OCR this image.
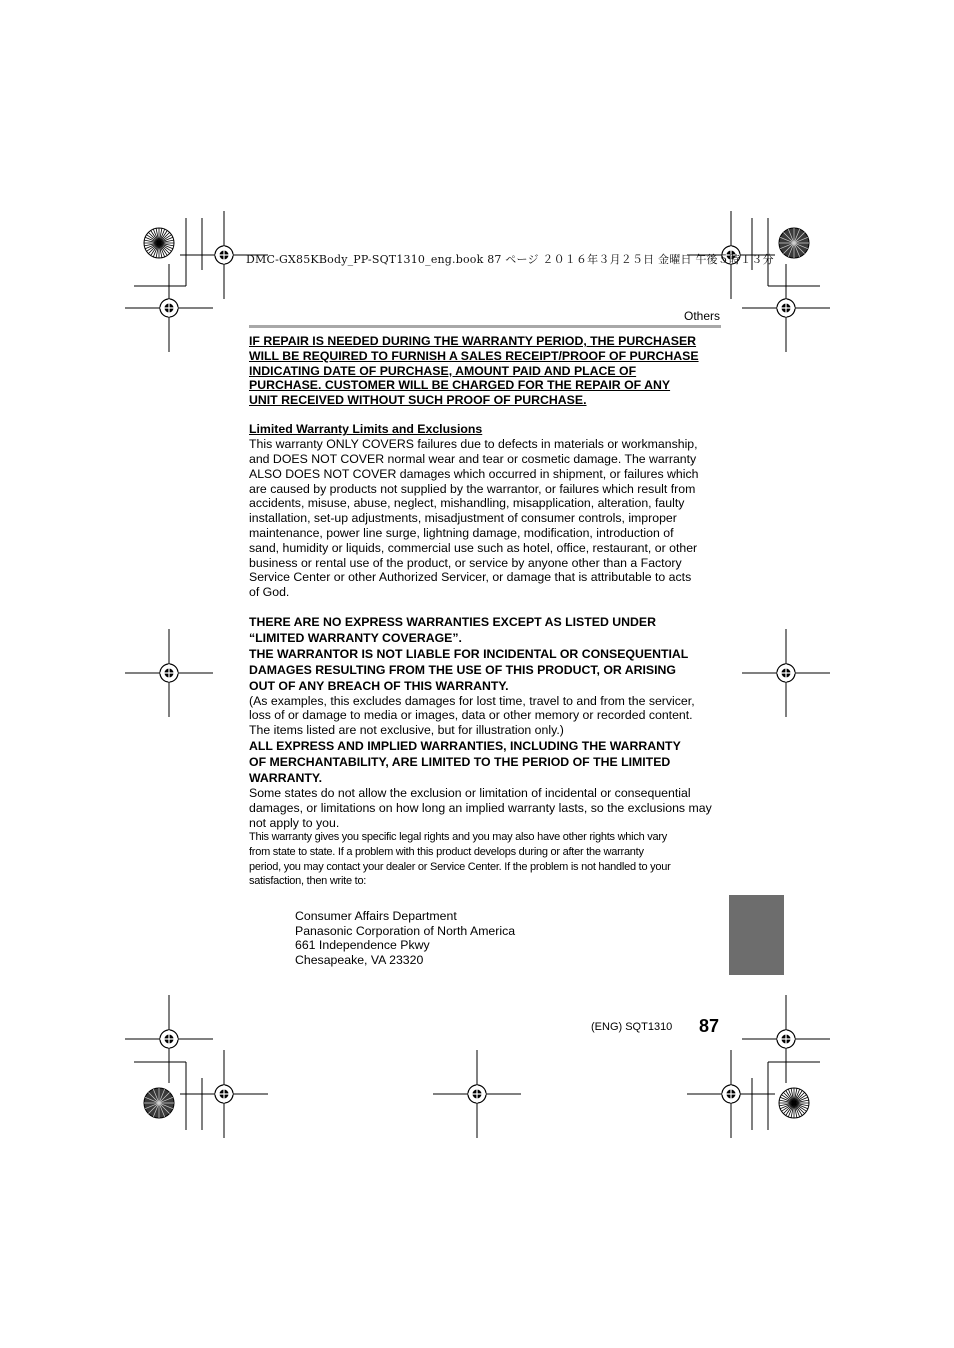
DMC-GX85KBody_PP-SQT1310_eng.book 87 ページ ２０１６年３月２５日 金曜日 午後５時１３分
Others
IF REPAIR IS NEEDED DURING THE WARRANTY PERIOD, THE PURCHASER
WILL BE REQUIRED TO FURNISH A SALES RECEIPT/PROOF OF PURCHASE
INDICATING DATE OF PURCHASE, AMOUNT PAID AND PLACE OF
PURCHASE. CUSTOMER WILL BE CHARGED FOR THE REPAIR OF ANY
UNIT RECEIVED WITHOUT SUCH PROOF OF PURCHASE.
Limited Warranty Limits and Exclusions
This warranty ONLY COVERS failures due to defects in materials or workmanship,
and DOES NOT COVER normal wear and tear or cosmetic damage. The warranty
ALSO DOES NOT COVER damages which occurred in shipment, or failures which
are caused by products not supplied by the warrantor, or failures which result from
accidents, misuse, abuse, neglect, mishandling, misapplication, alteration, faulty
installation, set-up adjustments, misadjustment of consumer controls, improper
maintenance, power line surge, lightning damage, modification, introduction of
sand, humidity or liquids, commercial use such as hotel, office, restaurant, or other
business or rental use of the product, or service by anyone other than a Factory
Service Center or other Authorized Servicer, or damage that is attributable to acts
of God.
THERE ARE NO EXPRESS WARRANTIES EXCEPT AS LISTED UNDER
“LIMITED WARRANTY COVERAGE”.
THE WARRANTOR IS NOT LIABLE FOR INCIDENTAL OR CONSEQUENTIAL
DAMAGES RESULTING FROM THE USE OF THIS PRODUCT, OR ARISING
OUT OF ANY BREACH OF THIS WARRANTY.
(As examples, this excludes damages for lost time, travel to and from the servicer,
loss of or damage to media or images, data or other memory or recorded content.
The items listed are not exclusive, but for illustration only.)
ALL EXPRESS AND IMPLIED WARRANTIES, INCLUDING THE WARRANTY
OF MERCHANTABILITY, ARE LIMITED TO THE PERIOD OF THE LIMITED
WARRANTY.
Some states do not allow the exclusion or limitation of incidental or consequential
damages, or limitations on how long an implied warranty lasts, so the exclusions may
not apply to you.
This warranty gives you specific legal rights and you may also have other rights which vary
from state to state. If a problem with this product develops during or after the warranty
period, you may contact your dealer or Service Center. If the problem is not handled to your
satisfaction, then write to:
Consumer Affairs Department
Panasonic Corporation of North America
661 Independence Pkwy
Chesapeake, VA 23320
(ENG) SQT1310 87
